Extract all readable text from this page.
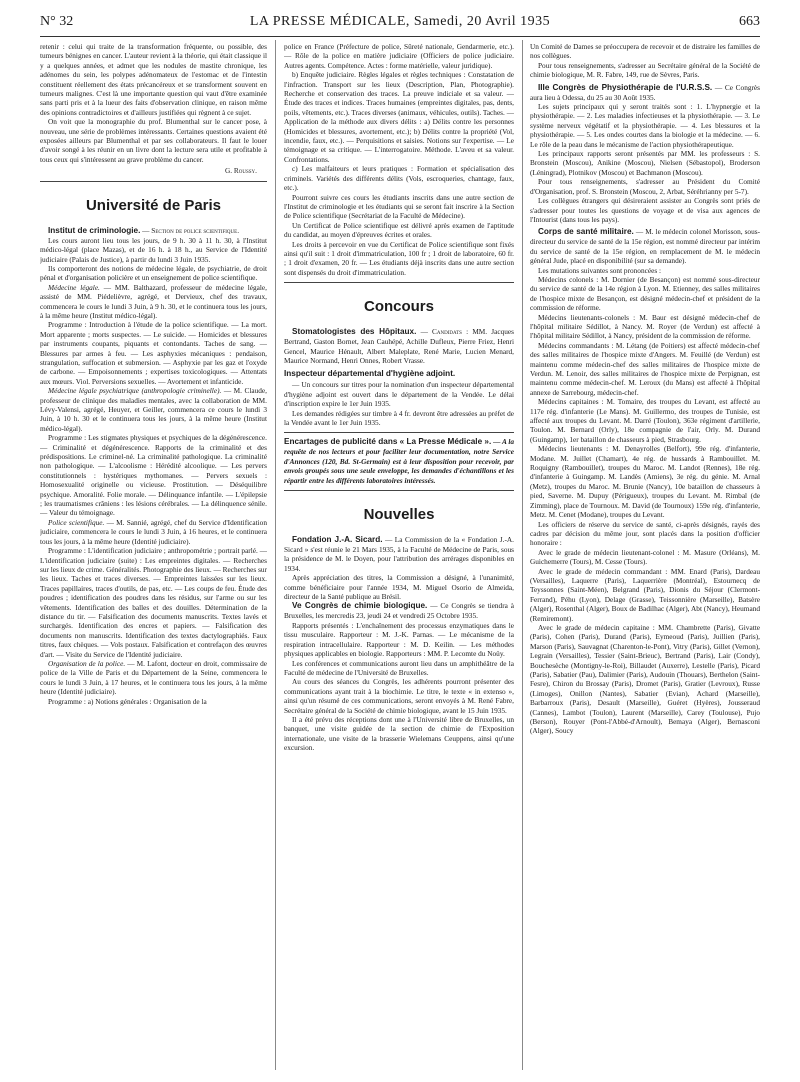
N° 32	LA PRESSE MÉDICALE, Samedi, 20 Avril 1935	663

retenir : celui qui traite de la transformation fréquente, ou possible, des tumeurs bénignes en cancer. L'auteur revient à la théorie, qui était classique il y a quelques années, et admet que les nodules de mastite chronique, les adénomes du sein, les polypes adénomateux de l'estomac et de l'intestin constituent réellement des états précancéreux et se transforment souvent en tumeurs malignes. C'est là une importante question qui vaut d'être examinée sans parti pris et à la lueur des faits d'observation clinique, en raison même des opinions contradictoires et d'ailleurs justifiées qui règnent à ce sujet.

On voit que la monographie du prof. Blumenthal sur le cancer pose, à nouveau, une série de problèmes intéressants. Certaines questions avaient été exposées ailleurs par Blumenthal et par ses collaborateurs. Il faut le louer d'avoir songé à les réunir en un livre dont la lecture sera utile et profitable à tous ceux qui s'intéressent au grave problème du cancer.

G. Roussy.
Université de Paris

Institut de criminologie. — Section de police scientifique.

Les cours auront lieu tous les jours, de 9 h. 30 à 11 h. 30, à l'Institut médico-légal (place Mazas), et de 16 h. à 18 h., au Service de l'Identité judiciaire (Palais de Justice), à partir du lundi 3 Juin 1935.

Ils comporteront des notions de médecine légale, de psychiatrie, de droit pénal et d'organisation policière et un enseignement de police scientifique.

Médecine légale. — MM. Balthazard, professeur de médecine légale, assisté de MM. Piédelièvre, agrégé, et Dervieux, chef des travaux, commencera le cours le lundi 3 Juin, à 9 h. 30, et le continuera tous les jours, à la même heure (Institut médico-légal).

Programme : Introduction à l'étude de la police scientifique. — La mort. Mort apparente ; morts suspectes. — Le suicide. — Homicides et blessures par instruments coupants, piquants et contondants. Taches de sang. — Blessures par armes à feu. — Les asphyxies mécaniques : pendaison, strangulation, suffocation et submersion. — Asphyxie par les gaz et l'oxyde de carbone. — Empoisonnements ; expertises toxicologiques. — Attentats aux mœurs. Viol. Perversions sexuelles. — Avortement et infanticide.

Médecine légale psychiatrique (anthropologie criminelle). — M. Claude, professeur de clinique des maladies mentales, avec la collaboration de MM. Lévy-Valensi, agrégé, Heuyer, et Geiller, commencera ce cours le lundi 3 Juin, à 10 h. 30 et le continuera tous les jours, à la même heure (Institut médico-légal).

Programme : Les stigmates physiques et psychiques de la dégénérescence. — Criminalité et dégénérescence. Rapports de la criminalité et des prédispositions. Le criminel-né. La criminalité pathologique. La criminalité non pathologique. — L'alcoolisme : Hérédité alcoolique. — Les pervers constitutionnels : hystériques mythomanes. — Pervers sexuels : Homosexualité originelle ou vicieuse. Prostitution. — Déséquilibre psychique. Amoralité. Folie morale. — Délinquance infantile. — L'épilepsie ; les traumatismes crâniens : les lésions cérébrales. — La délinquence sénile. — Valeur du témoignage.

Police scientifique. — M. Sannié, agrégé, chef du Service d'Identification judiciaire, commencera le cours le lundi 3 Juin, à 16 heures, et le continuera tous les jours, à la même heure (Identité judiciaire).

Programme : L'identification judiciaire ; anthropométrie ; portrait parlé. — L'identification judiciaire (suite) : Les empreintes digitales. — Recherches sur les lieux de crime. Généralités. Photographie des lieux. — Recherches sur les lieux. Taches et traces diverses. — Empreintes laissées sur les lieux. Traces papillaires, traces d'outils, de pas, etc. — Les coups de feu. Étude des poudres ; identification des poudres dans les résidus, sur l'arme ou sur les vêtements. Identification des balles et des douilles. Détermination de la distance du tir. — Falsification des documents manuscrits. Textes lavés et surchargés. Identification des encres et papiers. — Falsification des documents non manuscrits. Identification des textes dactylographiés. Faux titres, faux chèques. — Vols postaux. Falsification et contrefaçon des œuvres d'art. — Visite du Service de l'Identité judiciaire.

Organisation de la police. — M. Lafont, docteur en droit, commissaire de police de la Ville de Paris et du Département de la Seine, commencera le cours le lundi 3 Juin, à 17 heures, et le continuera tous les jours, à la même heure (Identité judiciaire).

Programme : a) Notions générales : Organisation de la

police en France (Préfecture de police, Sûreté nationale, Gendarmerie, etc.). — Rôle de la police en matière judiciaire (Officiers de police judiciaire. Autres agents. Compétence. Actes : forme matérielle, valeur juridique).

b) Enquête judiciaire. Règles légales et règles techniques : Constatation de l'infraction. Transport sur les lieux (Description, Plan, Photographie). Recherche et conservation des traces. La preuve indiciale et sa valeur. — Étude des traces et indices. Traces humaines (empreintes digitales, pas, dents, poils, vêtements, etc.). Traces diverses (animaux, véhicules, outils). Taches. — Application de la méthode aux divers délits : a) Délits contre les personnes (Homicides et blessures, avortement, etc.); b) Délits contre la propriété (Vol, incendie, faux, etc.). — Perquisitions et saisies. Notions sur l'expertise. — Le témoignage et sa critique. — L'interrogatoire. Méthode. L'aveu et sa valeur. Confrontations.

c) Les malfaiteurs et leurs pratiques : Formation et spécialisation des criminels. Variétés des différents délits (Vols, escroqueries, chantage, faux, etc.).

Pourront suivre ces cours les étudiants inscrits dans une autre section de l'Institut de criminologie et les étudiants qui se seront fait inscrire à la Section de Police scientifique (Secrétariat de la Faculté de Médecine).

Un Certificat de Police scientifique est délivré après examen de l'aptitude du candidat, au moyen d'épreuves écrites et orales.

Les droits à percevoir en vue du Certificat de Police scientifique sont fixés ainsi qu'il suit : 1 droit d'immatriculation, 100 fr ; 1 droit de laboratoire, 60 fr. ; 1 droit d'examen, 20 fr. — Les étudiants déjà inscrits dans une autre section sont dispensés du droit d'immatriculation.

Concours

Stomatologistes des Hôpitaux. — Candidats : MM. Jacques Bertrand, Gaston Bornet, Jean Cauhépé, Achille Dufleux, Pierre Friez, Henri Gencel, Maurice Hénault, Albert Maleplate, René Marie, Lucien Menard, Maurice Normand, Henri Onnes, Robert Vrasse.

Inspecteur départemental d'hygiène adjoint.

— Un concours sur titres pour la nomination d'un inspecteur départemental d'hygiène adjoint est ouvert dans le département de la Vendée. Le délai d'inscription expire le 1er Juin 1935.

Les demandes rédigées sur timbre à 4 fr. devront être adressées au préfet de la Vendée avant le 1er Juin 1935.

Encartages de publicité dans « La Presse Médicale ». — A la requête de nos lecteurs et pour faciliter leur documentation, notre Service d'Annonces (120, Bd. St-Germain) est à leur disposition pour recevoir, par envois groupés sous une seule enveloppe, les demandes d'échantillons et les répartir entre les différents laboratoires intéressés.

Nouvelles

Fondation J.-A. Sicard. — La Commission de la « Fondation J.-A. Sicard » s'est réunie le 21 Mars 1935, à la Faculté de Médecine de Paris, sous la présidence de M. le Doyen, pour l'attribution des arrérages disponibles en 1934.

Après appréciation des titres, la Commission a désigné, à l'unanimité, comme bénéficiaire pour l'année 1934, M. Miguel Osorio de Almeida, directeur de la Santé publique au Brésil.

Ve Congrès de chimie biologique. — Ce Congrès se tiendra à Bruxelles, les mercredis 23, jeudi 24 et vendredi 25 Octobre 1935.

Rapports présentés : L'enchaînement des processus enzymatiques dans le tissu musculaire. Rapporteur : M. J.-K. Parnas. — Le mécanisme de la respiration intracellulaire. Rapporteur : M. D. Keilin. — Les méthodes physiques applicables en biologie. Rapporteurs : MM. P. Lecomte du Noüy.

Les conférences et communications auront lieu dans un amphithéâtre de la Faculté de médecine de l'Université de Bruxelles.

Au cours des séances du Congrès, les adhérents pourront présenter des communications ayant trait à la biochimie. Le titre, le texte « in extenso », ainsi qu'un résumé de ces communications, seront envoyés à M. René Fabre, Secrétaire général de la Société de chimie biologique, avant le 15 Juin 1935.

Il a été prévu des réceptions dont une à l'Université libre de Bruxelles, un banquet, une visite guidée de la section de chimie de l'Exposition internationale, une visite de la brasserie Wielemans Ceuppens, ainsi qu'une excursion.

Un Comité de Dames se préoccupera de recevoir et de distraire les familles de nos collègues.

Pour tous renseignements, s'adresser au Secrétaire général de la Société de chimie biologique, M. R. Fabre, 149, rue de Sèvres, Paris.

IIIe Congrès de Physiothérapie de l'U.R.S.S. — Ce Congrès aura lieu à Odessa, du 25 au 30 Août 1935.

Les sujets principaux qui y seront traités sont : 1. L'hypnergie et la physiothérapie. — 2. Les maladies infectieuses et la physiothérapie. — 3. Le système nerveux végétatif et la physiothérapie. — 4. Les blessures et la physiothérapie. — 5. Les ondes courtes dans la biologie et la médecine. — 6. Le rôle de la peau dans le mécanisme de l'action physiothérapeutique.

Les principaux rapports seront présentés par MM. les professeurs : S. Bronstein (Moscou), Anikine (Moscou), Nielsen (Sébastopol), Broderson (Léningrad), Plotnikov (Moscou) et Bachmanon (Moscou).

Pour tous renseignements, s'adresser au Président du Comité d'Organisation, prof. S. Bronstein (Moscou, 2, Arbat, Séréhrianny per 5-7).

Les collègues étrangers qui désireraient assister au Congrès sont priés de s'adresser pour toutes les questions de voyage et de visa aux agences de l'Intourist (dans tous les pays).

Corps de santé militaire. — M. le médecin colonel Morisson, sous-directeur du service de santé de la 15e région, est nommé directeur par intérim du service de santé de la 15e région, en remplacement de M. le médecin général Jude, placé en disponibilité (sur sa demande).

Les mutations suivantes sont prononcées :

Médecins colonels : M. Dornier (de Besançon) est nommé sous-directeur du service de santé de la 14e région à Lyon. M. Etienney, des salles militaires de l'hospice mixte de Besançon, est désigné médecin-chef et président de la commission de réforme.

Médecins lieutenants-colonels : M. Baur est désigné médecin-chef de l'hôpital militaire Sédillot, à Nancy. M. Royer (de Verdun) est affecté à l'hôpital militaire Sédillot, à Nancy, président de la commission de réforme.

Médecins commandants : M. Létang (de Poitiers) est affecté médecin-chef des salles militaires de l'hospice mixte d'Angers. M. Feuillé (de Verdun) est maintenu comme médecin-chef des salles militaires de l'hospice mixte de Verdun. M. Lenoir, des salles militaires de l'hospice mixte de Perpignan, est maintenu comme médecin-chef. M. Leroux (du Mans) est affecté à l'hôpital annexe de Sarrebourg, médecin-chef.

Médecins capitaines : M. Tomaire, des troupes du Levant, est affecté au 117e rég. d'infanterie (Le Mans). M. Guillermo, des troupes de Tunisie, est affecté aux troupes du Levant. M. Darré (Toulon), 363e régiment d'artillerie, Toulon. M. Bernard (Orly), 18e compagnie de l'air, Orly. M. Durand (Guingamp), 1er bataillon de chasseurs à pied, Strasbourg.

Médecins lieutenants : M. Denayrolles (Belfort), 99e rég. d'infanterie, Modane. M. Juillet (Chamart), 4e rég. de hussards à Rambouillet. M. Roquigny (Rambouillet), troupes du Maroc. M. Landot (Rennes), 18e rég. d'infanterie à Guingamp. M. Landès (Amiens), 3e rég. du génie. M. Arnal (Metz), troupes du Maroc. M. Brunie (Nancy), 10e bataillon de chasseurs à pied, Saverne. M. Dupuy (Périgueux), troupes du Levant. M. Rimbal (de Zimming), place de Tournoux. M. David (de Tournoux) 159e rég. d'infanterie, Metz. M. Cenet (Modane), troupes du Levant.

Les officiers de réserve du service de santé, ci-après désignés, rayés des cadres par décision du même jour, sont placés dans la position d'officier honoraire :

Avec le grade de médecin lieutenant-colonel : M. Masure (Orléans), M. Guichemerre (Tours), M. Cesse (Tours).

Avec le grade de médecin commandant : MM. Enard (Paris), Dardeau (Versailles), Laquerre (Paris), Laquerrière (Montréal), Estournecq de Teyssonnes (Saint-Méen), Belgrand (Paris), Dionis du Séjour (Clermont-Ferrand), Péhu (Lyon), Delage (Grasse), Teissonnière (Marseille), Batsère (Alger), Rosenthal (Alger), Boux de Badilhac (Alger), Abt (Nancy), Heumand (Remiremont).

Avec le grade de médecin capitaine : MM. Chambrette (Paris), Givatte (Paris), Cohen (Paris), Durand (Paris), Eymeoud (Paris), Juillien (Paris), Marson (Paris), Sauvagnat (Charenton-le-Pont), Vitry (Paris), Gillet (Vernon), Legrain (Versailles), Tessier (Saint-Brieuc), Bertrand (Paris), Lair (Condy), Bouchesèche (Montigny-le-Roi), Billaudet (Auxerre), Lestelle (Paris), Picard (Paris), Sabatier (Pau), Dalimier (Paris), Audouin (Thouars), Berthelon (Saint-Fesre), Chiron du Brossay (Paris), Dromet (Paris), Gratier (Levroux), Russe (Limoges), Onillon (Nantes), Sabatier (Evian), Achard (Marseille), Barbarroux (Paris), Desault (Marseille), Guéret (Hyères), Jousseraud (Cannes), Lambot (Toulon), Laurent (Marseille), Carey (Toulouse), Pujo (Berson), Rouyer (Pont-l'Abbé-d'Arnoult), Bemaya (Alger), Bernasconi (Alger), Soucy
